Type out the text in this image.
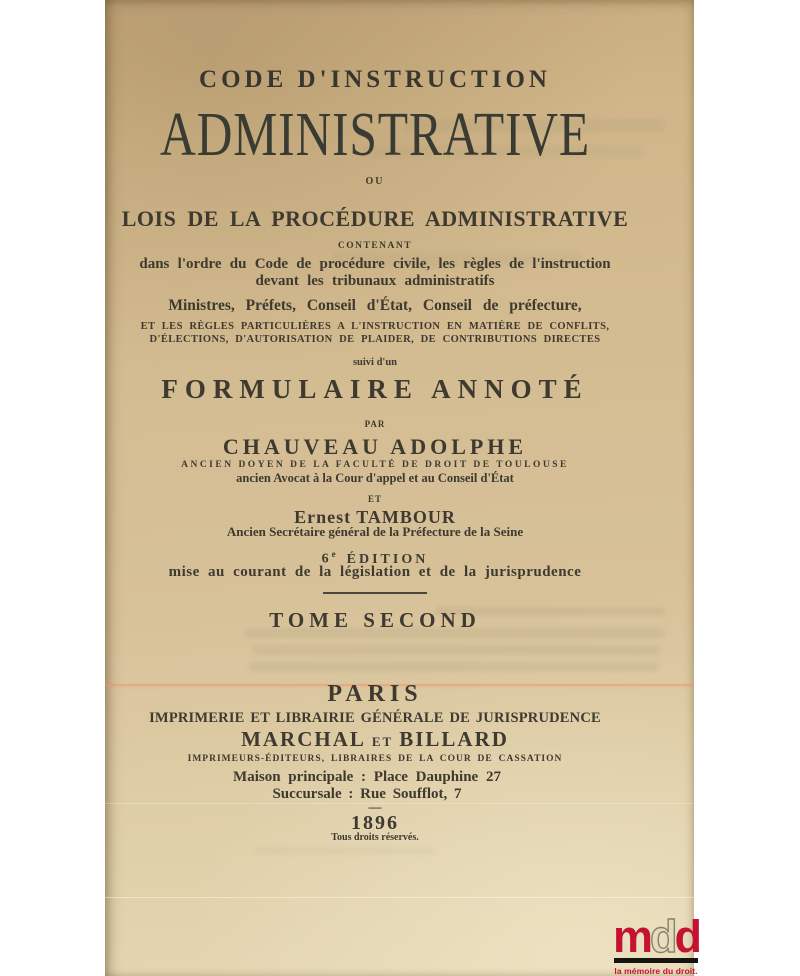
CODE D'INSTRUCTION
ADMINISTRATIVE
OU
LOIS DE LA PROCÉDURE ADMINISTRATIVE
CONTENANT
dans l'ordre du Code de procédure civile, les règles de l'instruction
devant les tribunaux administratifs
Ministres, Préfets, Conseil d'État, Conseil de préfecture,
ET LES RÈGLES PARTICULIÈRES A L'INSTRUCTION EN MATIÈRE DE CONFLITS,
D'ÉLECTIONS, D'AUTORISATION DE PLAIDER, DE CONTRIBUTIONS DIRECTES
suivi d'un
FORMULAIRE ANNOTÉ
PAR
CHAUVEAU ADOLPHE
ANCIEN DOYEN DE LA FACULTÉ DE DROIT DE TOULOUSE
ancien Avocat à la Cour d'appel et au Conseil d'État
ET
Ernest TAMBOUR
Ancien Secrétaire général de la Préfecture de la Seine
6e ÉDITION
mise au courant de la législation et de la jurisprudence
TOME SECOND
PARIS
IMPRIMERIE ET LIBRAIRIE GÉNÉRALE DE JURISPRUDENCE
MARCHAL ET BILLARD
IMPRIMEURS-ÉDITEURS, LIBRAIRES DE LA COUR DE CASSATION
Maison principale : Place Dauphine 27
Succursale : Rue Soufflot, 7
—
1896
Tous droits réservés.
mdd
la mémoire du droit.
